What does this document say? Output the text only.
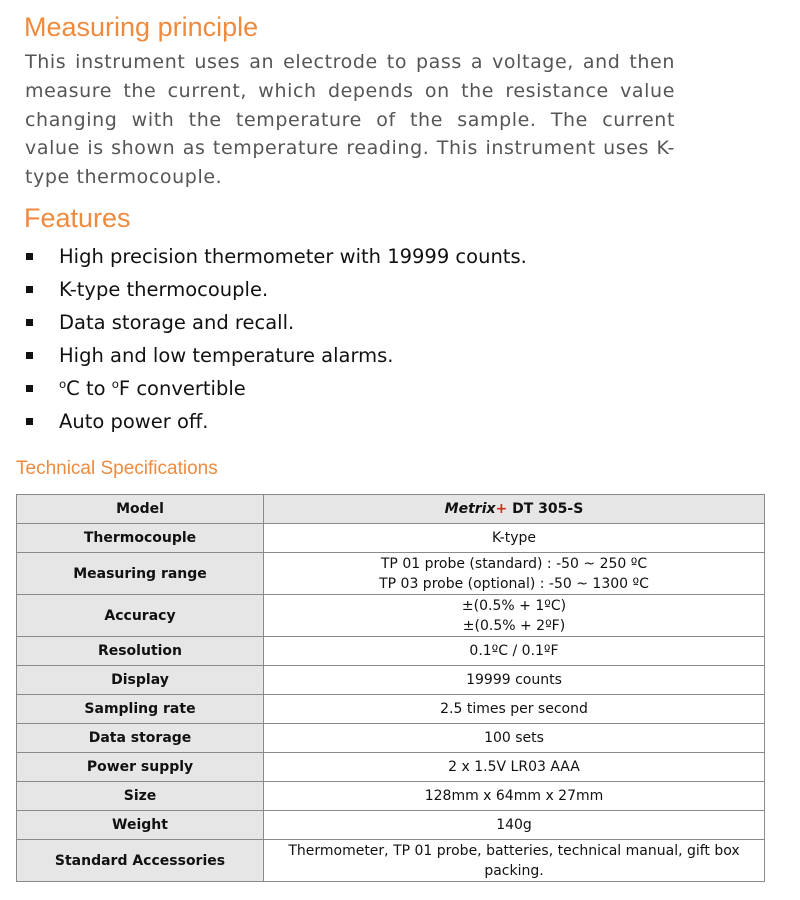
Measuring principle

This instrument uses an electrode to pass a voltage, and then measure the current, which depends on the resistance value changing with the temperature of the sample. The current value is shown as temperature reading. This instrument uses K-type thermocouple.

Features
High precision thermometer with 19999 counts.
K-type thermocouple.
Data storage and recall.
High and low temperature alarms.
$^o$C to $^o$F convertible
Auto power off.
Technical Specifications
Model	Metrix+ DT 305-S
Thermocouple	K-type

Measuring range	TP 01 probe (standard) : -50 ~ 250 ºC
TP 03 probe (optional) : -50 ~ 1300 ºC

Accuracy	±(0.5% + 1ºC)
±(0.5% + 2ºF)

Resolution	0.1ºC / 0.1ºF

Display	19999 counts

Sampling rate	2.5 times per second

Data storage	100 sets

Power supply	2 x 1.5V LR03 AAA

Size	128mm x 64mm x 27mm

Weight	140g

Standard Accessories	Thermometer, TP 01 probe, batteries, technical manual, gift box
packing.
